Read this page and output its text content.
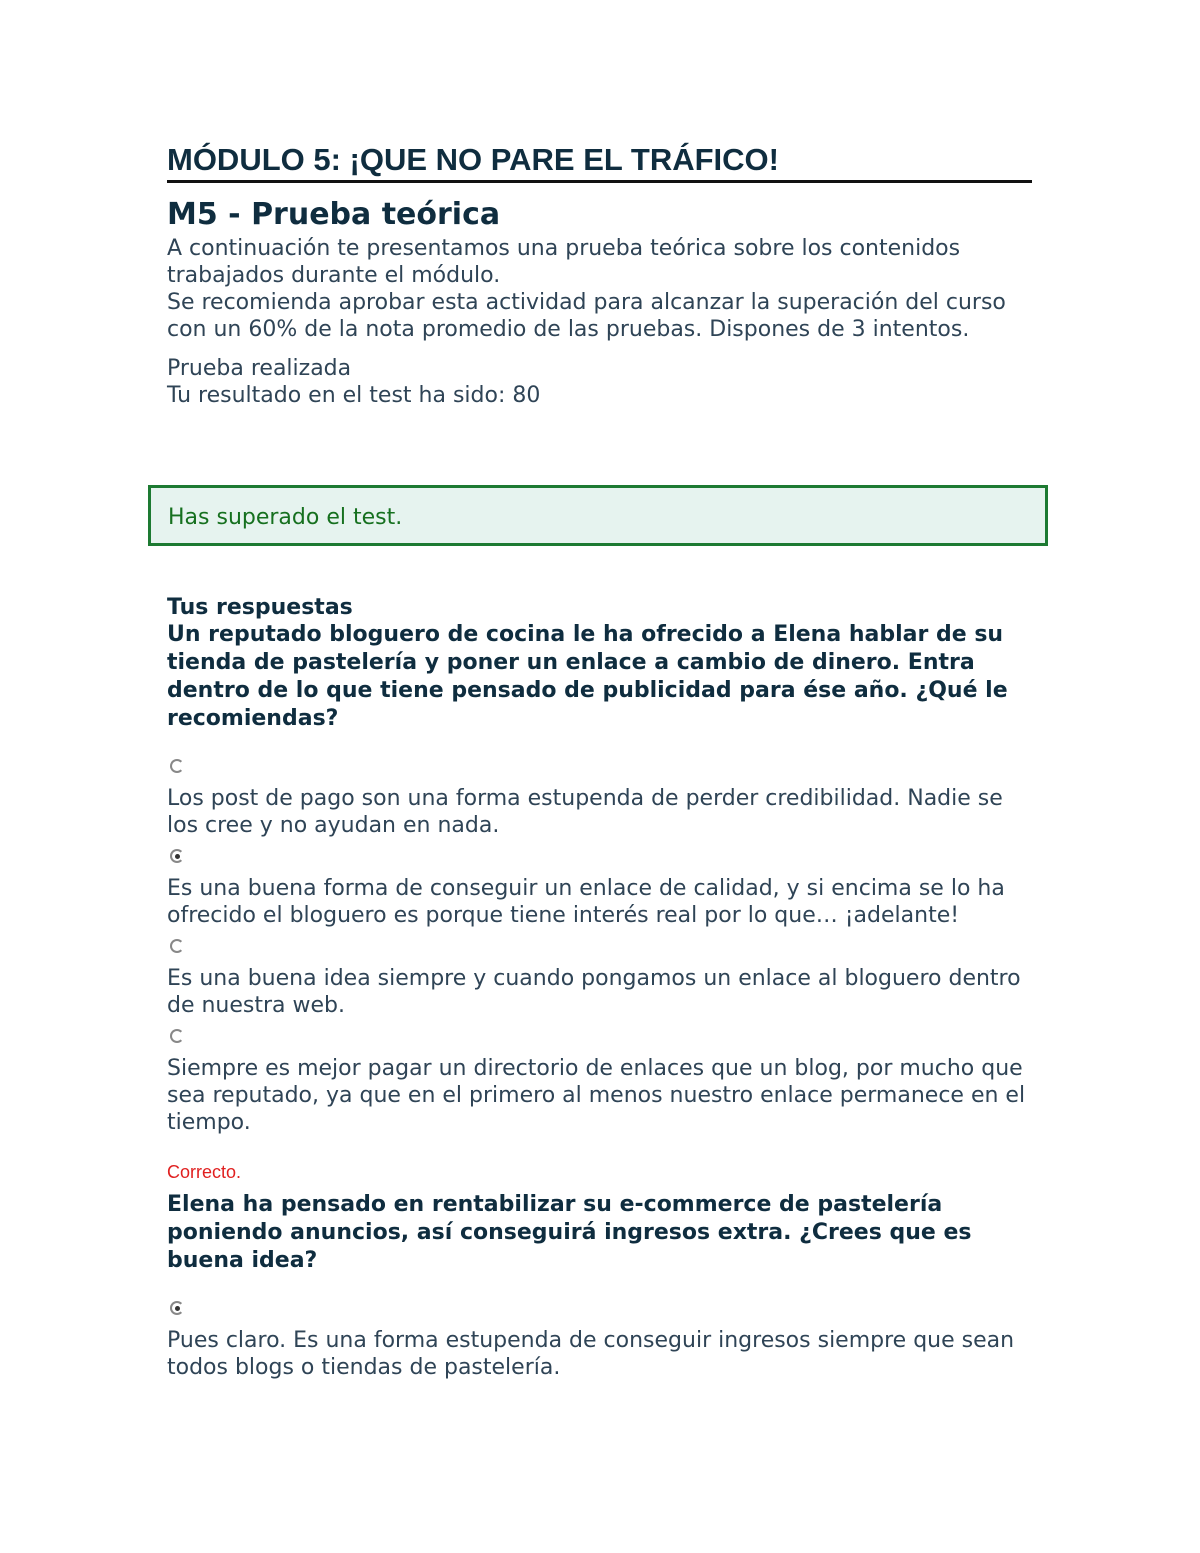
MÓDULO 5: ¡QUE NO PARE EL TRÁFICO!
M5 - Prueba teórica

A continuación te presentamos una prueba teórica sobre los contenidos trabajados durante el módulo.

Se recomienda aprobar esta actividad para alcanzar la superación del curso con un 60% de la nota promedio de las pruebas. Dispones de 3 intentos.

Prueba realizada

Tu resultado en el test ha sido: 80

Has superado el test.

Tus respuestas

Un reputado bloguero de cocina le ha ofrecido a Elena hablar de su tienda de pastelería y poner un enlace a cambio de dinero. Entra dentro de lo que tiene pensado de publicidad para ése año. ¿Qué le recomiendas?

Los post de pago son una forma estupenda de perder credibilidad. Nadie se los cree y no ayudan en nada.

Es una buena forma de conseguir un enlace de calidad, y si encima se lo ha ofrecido el bloguero es porque tiene interés real por lo que… ¡adelante!

Es una buena idea siempre y cuando pongamos un enlace al bloguero dentro de nuestra web.

Siempre es mejor pagar un directorio de enlaces que un blog, por mucho que sea reputado, ya que en el primero al menos nuestro enlace permanece en el tiempo.

Correcto.

Elena ha pensado en rentabilizar su e-commerce de pastelería poniendo anuncios, así conseguirá ingresos extra. ¿Crees que es buena idea?

Pues claro. Es una forma estupenda de conseguir ingresos siempre que sean todos blogs o tiendas de pastelería.
